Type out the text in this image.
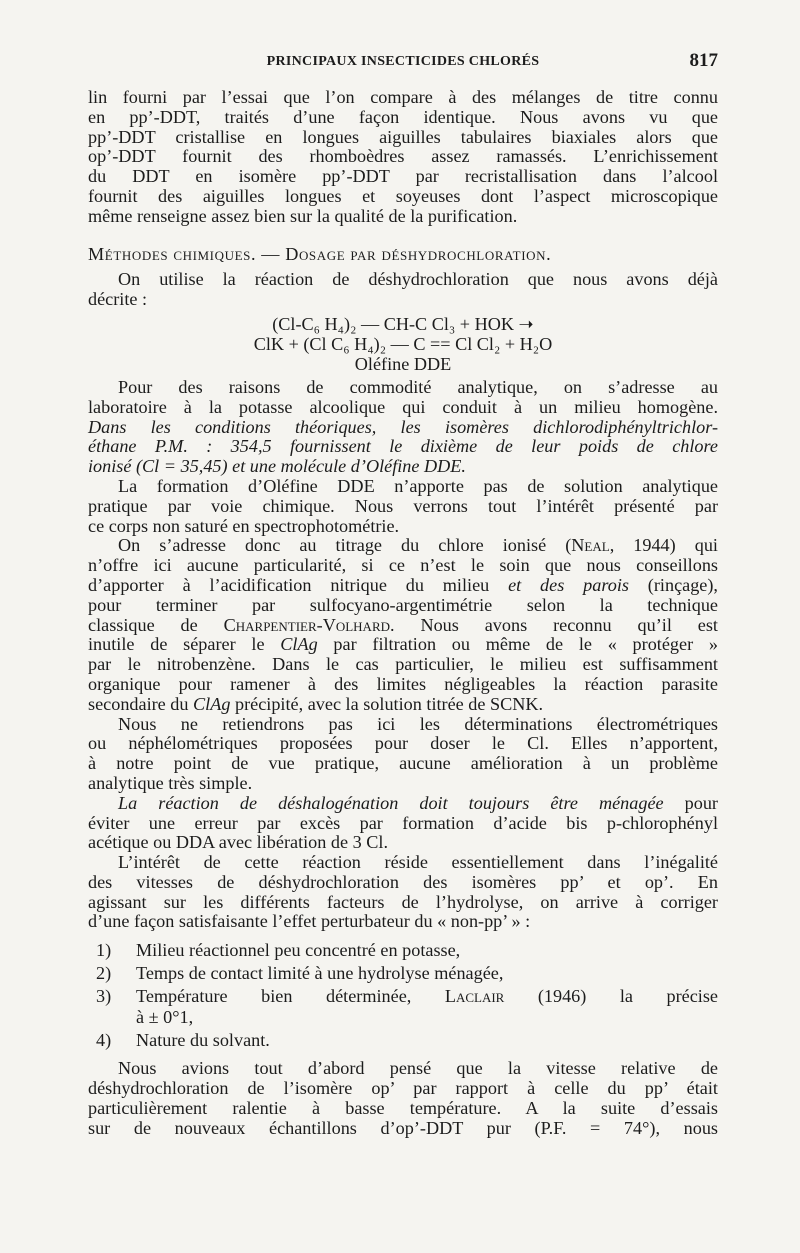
PRINCIPAUX INSECTICIDES CHLORÉS	817

lin fourni par l’essai que l’on compare à des mélanges de titre connu
en pp’-DDT, traités d’une façon identique. Nous avons vu que
pp’-DDT cristallise en longues aiguilles tabulaires biaxiales alors que
op’-DDT fournit des rhomboèdres assez ramassés. L’enrichissement
du DDT en isomère pp’-DDT par recristallisation dans l’alcool
fournit des aiguilles longues et soyeuses dont l’aspect microscopique
même renseigne assez bien sur la qualité de la purification.

Méthodes chimiques. — Dosage par déshydrochloration.

On utilise la réaction de déshydrochloration que nous avons déjà
décrite :

(Cl-C₆ H₄)₂ — CH-C Cl₃ + HOK ➝
ClK + (Cl C₆ H₄)₂ — C == Cl Cl₂ + H₂O
Oléfine DDE

Pour des raisons de commodité analytique, on s’adresse au
laboratoire à la potasse alcoolique qui conduit à un milieu homogène.
Dans les conditions théoriques, les isomères dichlorodiphényltrichlor-
éthane P.M. : 354,5 fournissent le dixième de leur poids de chlore
ionisé (Cl = 35,45) et une molécule d’Oléfine DDE.

La formation d’Oléfine DDE n’apporte pas de solution analytique
pratique par voie chimique. Nous verrons tout l’intérêt présenté par
ce corps non saturé en spectrophotométrie.

On s’adresse donc au titrage du chlore ionisé (Neal, 1944) qui
n’offre ici aucune particularité, si ce n’est le soin que nous conseillons
d’apporter à l’acidification nitrique du milieu et des parois (rinçage),
pour terminer par sulfocyano-argentimétrie selon la technique
classique de Charpentier-Volhard. Nous avons reconnu qu’il est
inutile de séparer le ClAg par filtration ou même de le « protéger »
par le nitrobenzène. Dans le cas particulier, le milieu est suffisamment
organique pour ramener à des limites négligeables la réaction parasite
secondaire du ClAg précipité, avec la solution titrée de SCNK.

Nous ne retiendrons pas ici les déterminations électrométriques
ou néphélométriques proposées pour doser le Cl. Elles n’apportent,
à notre point de vue pratique, aucune amélioration à un problème
analytique très simple.

La réaction de déshalogénation doit toujours être ménagée pour
éviter une erreur par excès par formation d’acide bis p-chlorophényl
acétique ou DDA avec libération de 3 Cl.

L’intérêt de cette réaction réside essentiellement dans l’inégalité
des vitesses de déshydrochloration des isomères pp’ et op’. En
agissant sur les différents facteurs de l’hydrolyse, on arrive à corriger
d’une façon satisfaisante l’effet perturbateur du « non-pp’ » :

1)	Milieu réactionnel peu concentré en potasse,
2)	Temps de contact limité à une hydrolyse ménagée,
3)	Température bien déterminée, Laclair (1946) la précise
à ± 0°1,
4)	Nature du solvant.

Nous avions tout d’abord pensé que la vitesse relative de
déshydrochloration de l’isomère op’ par rapport à celle du pp’ était
particulièrement ralentie à basse température. A la suite d’essais
sur de nouveaux échantillons d’op’-DDT pur (P.F. = 74°), nous
